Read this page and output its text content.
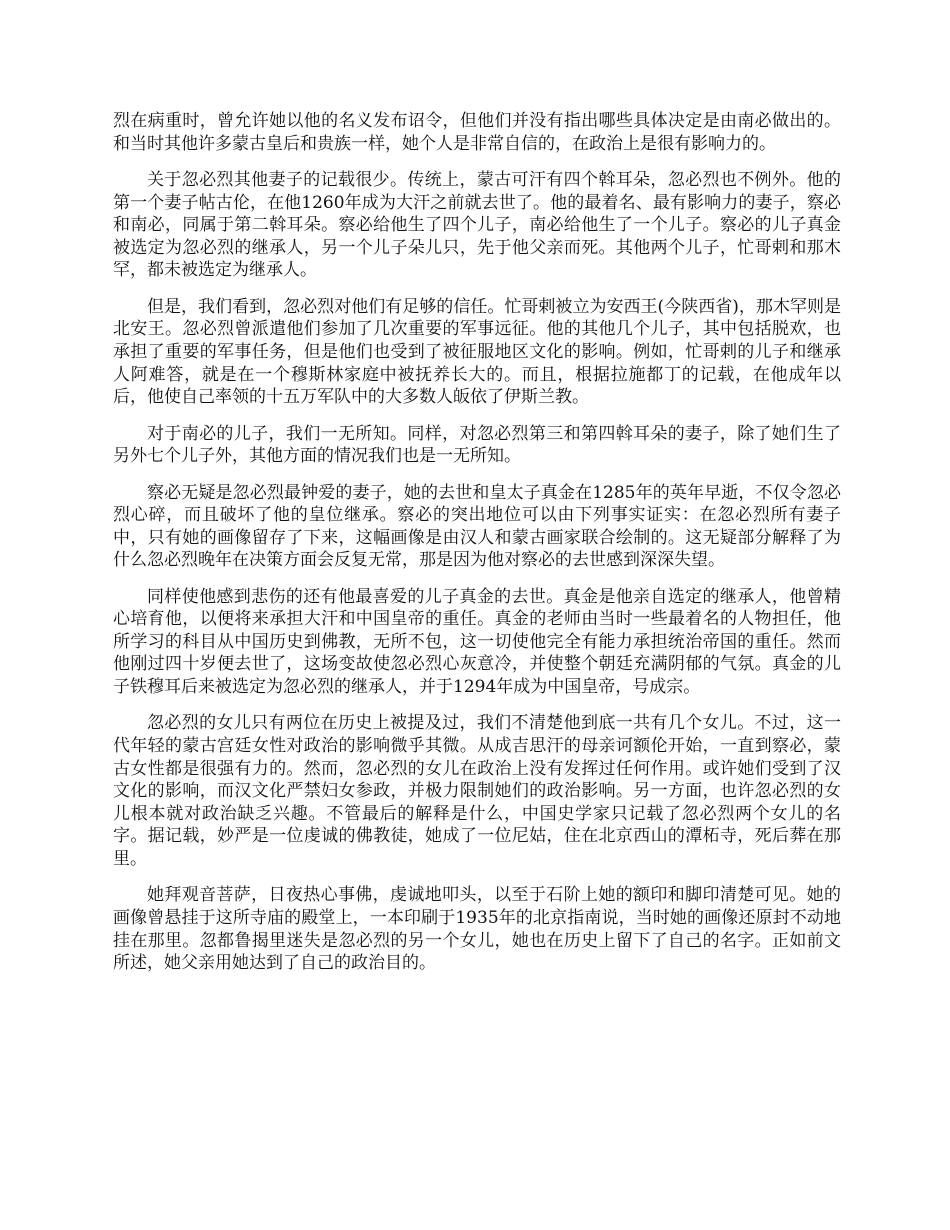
烈在病重时，曾允许她以他的名义发布诏令，但他们并没有指出哪些具体决定是由南必做出的。和当时其他许多蒙古皇后和贵族一样，她个人是非常自信的，在政治上是很有影响力的。

关于忽必烈其他妻子的记载很少。传统上，蒙古可汗有四个斡耳朵，忽必烈也不例外。他的第一个妻子帖古伦，在他1260年成为大汗之前就去世了。他的最着名、最有影响力的妻子，察必和南必，同属于第二斡耳朵。察必给他生了四个儿子，南必给他生了一个儿子。察必的儿子真金被选定为忽必烈的继承人，另一个儿子朵儿只，先于他父亲而死。其他两个儿子，忙哥剌和那木罕，都未被选定为继承人。

但是，我们看到，忽必烈对他们有足够的信任。忙哥剌被立为安西王(今陕西省)，那木罕则是北安王。忽必烈曾派遣他们参加了几次重要的军事远征。他的其他几个儿子，其中包括脱欢，也承担了重要的军事任务，但是他们也受到了被征服地区文化的影响。例如，忙哥剌的儿子和继承人阿难答，就是在一个穆斯林家庭中被抚养长大的。而且，根据拉施都丁的记载，在他成年以后，他使自己率领的十五万军队中的大多数人皈依了伊斯兰教。

对于南必的儿子，我们一无所知。同样，对忽必烈第三和第四斡耳朵的妻子，除了她们生了另外七个儿子外，其他方面的情况我们也是一无所知。

察必无疑是忽必烈最钟爱的妻子，她的去世和皇太子真金在1285年的英年早逝，不仅令忽必烈心碎，而且破坏了他的皇位继承。察必的突出地位可以由下列事实证实：在忽必烈所有妻子中，只有她的画像留存了下来，这幅画像是由汉人和蒙古画家联合绘制的。这无疑部分解释了为什么忽必烈晚年在决策方面会反复无常，那是因为他对察必的去世感到深深失望。

同样使他感到悲伤的还有他最喜爱的儿子真金的去世。真金是他亲自选定的继承人，他曾精心培育他，以便将来承担大汗和中国皇帝的重任。真金的老师由当时一些最着名的人物担任，他所学习的科目从中国历史到佛教，无所不包，这一切使他完全有能力承担统治帝国的重任。然而他刚过四十岁便去世了，这场变故使忽必烈心灰意冷，并使整个朝廷充满阴郁的气氛。真金的儿子铁穆耳后来被选定为忽必烈的继承人，并于1294年成为中国皇帝，号成宗。

忽必烈的女儿只有两位在历史上被提及过，我们不清楚他到底一共有几个女儿。不过，这一代年轻的蒙古宫廷女性对政治的影响微乎其微。从成吉思汗的母亲诃额伦开始，一直到察必，蒙古女性都是很强有力的。然而，忽必烈的女儿在政治上没有发挥过任何作用。或许她们受到了汉文化的影响，而汉文化严禁妇女参政，并极力限制她们的政治影响。另一方面，也许忽必烈的女儿根本就对政治缺乏兴趣。不管最后的解释是什么，中国史学家只记载了忽必烈两个女儿的名字。据记载，妙严是一位虔诚的佛教徒，她成了一位尼姑，住在北京西山的潭柘寺，死后葬在那里。

她拜观音菩萨，日夜热心事佛，虔诚地叩头，以至于石阶上她的额印和脚印清楚可见。她的画像曾悬挂于这所寺庙的殿堂上，一本印刷于1935年的北京指南说，当时她的画像还原封不动地挂在那里。忽都鲁揭里迷失是忽必烈的另一个女儿，她也在历史上留下了自己的名字。正如前文所述，她父亲用她达到了自己的政治目的。
